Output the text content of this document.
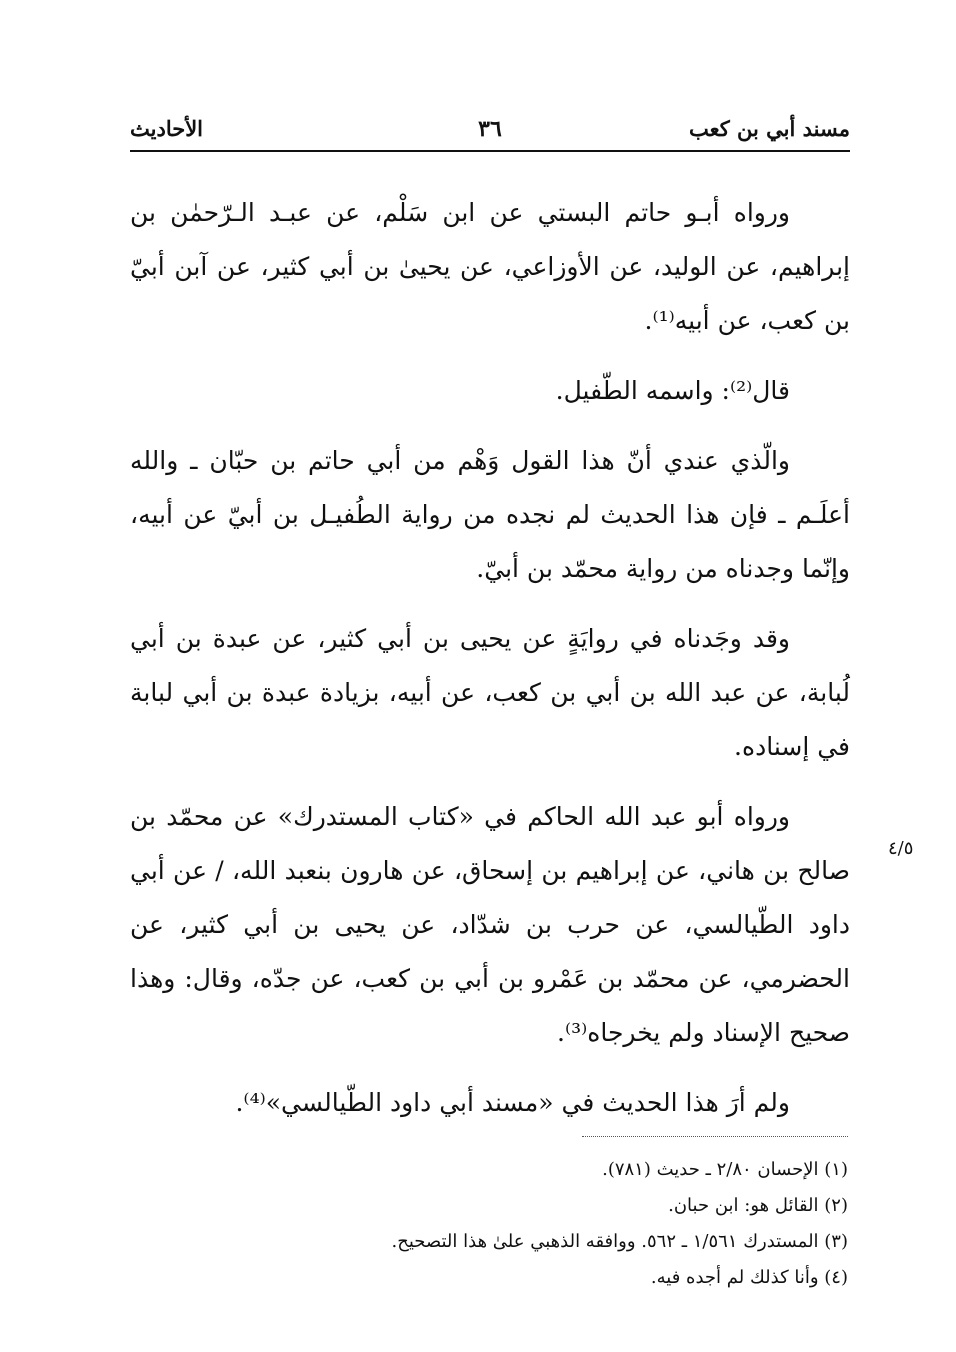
مسند أبي بن كعب
٣٦
الأحاديث

ورواه أبـو حاتم البستي عن ابن سَلْم، عن عبـد الـرّحمٰن بن إبراهيم، عن الوليد، عن الأوزاعي، عن يحيىٰ بن أبي كثير، عن آبن أبيّ بن كعب، عن أبيه⁽¹⁾.

قال⁽²⁾: واسمه الطّفيل.

والّذي عندي أنّ هذا القول وَهْم من أبي حاتم بن حبّان ـ والله أعلَـم ـ فإن هذا الحديث لم نجده من رواية الطُفيـل بن أبيّ عن أبيه، وإنّما وجدناه من رواية محمّد بن أبيّ.

وقد وجَدناه في روايَةٍ عن يحيى بن أبي كثير، عن عبدة بن أبي لُبابة، عن عبد الله بن أبي بن كعب، عن أبيه، بزيادة عبدة بن أبي لبابة في إسناده.

ورواه أبو عبد الله الحاكم في «كتاب المستدرك» عن محمّد بن صالح بن هاني، عن إبراهيم بن إسحاق، عن هارون بنعبد الله، / عن أبي داود الطّيالسي، عن حرب بن شدّاد، عن يحيى بن أبي كثير، عن الحضرمي، عن محمّد بن عَمْرو بن أبي بن كعب، عن جدّه، وقال: وهذا صحيح الإسناد ولم يخرجاه⁽³⁾.

ولم أرَ هذا الحديث في «مسند أبي داود الطّيالسي»⁽⁴⁾.

٤/٥

(١) الإحسان ٢/٨٠ ـ حديث (٧٨١).

(٢) القائل هو: ابن حبان.

(٣) المستدرك ١/٥٦١ ـ ٥٦٢. ووافقه الذهبي علىٰ هذا التصحيح.

(٤) وأنا كذلك لم أجده فيه.
